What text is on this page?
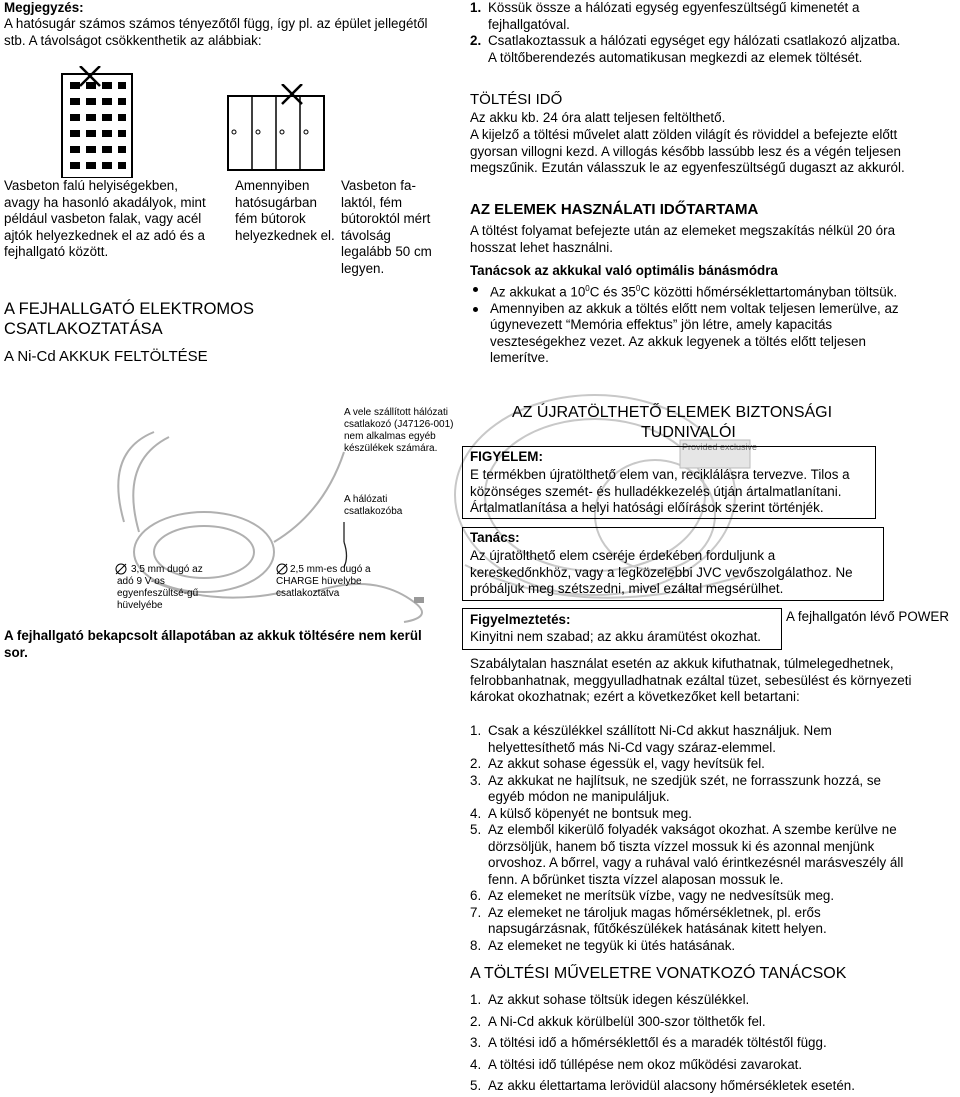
Megjegyzés:
A hatósugár számos számos tényezőtől függ, így pl. az épület jellegétől stb. A távolságot csökkenthetik az alábbiak:
Vasbeton falú helyiségekben, avagy ha hasonló akadályok, mint például vasbeton falak, vagy acél ajtók helyezkednek el az adó és a fejhallgató között.
Amennyiben hatósugárban fém bútorok helyezkednek el.
Vasbeton fa-laktól, fém bútoroktól mért távolság legalább 50 cm legyen.
A FEJHALLGATÓ ELEKTROMOS
CSATLAKOZTATÁSA
A Ni-Cd AKKUK FELTÖLTÉSE
A vele szállított hálózati csatlakozó (J47126-001) nem alkalmas egyéb készülékek számára.
A hálózati csatlakozóba
3,5 mm dugó az adó 9 V-os egyenfeszültsé-gű hüvelyébe
2,5 mm-es dugó a CHARGE hüvelybe csatlakoztatva
A fejhallgató bekapcsolt állapotában az akkuk töltésére nem kerül sor.
1. Kössük össze a hálózati egység egyenfeszültségű kimenetét a fejhallgatóval.
2. Csatlakoztassuk a hálózati egységet egy hálózati csatlakozó aljzatba. A töltőberendezés automatikusan megkezdi az elemek töltését.
TÖLTÉSI IDŐ
Az akku kb. 24 óra alatt teljesen feltölthető.
A kijelző a töltési művelet alatt zölden világít és röviddel a befejezte előtt gyorsan villogni kezd. A villogás később lassúbb lesz és a végén teljesen megszűnik. Ezután válasszuk le az egyenfeszültségű dugaszt az akkuról.
AZ ELEMEK HASZNÁLATI IDŐTARTAMA
A töltést folyamat befejezte után az elemeket megszakítás nélkül 20 óra hosszat lehet használni.
Tanácsok az akkukal való optimális bánásmódra
Az akkukat a $10^0C$ és $35^0C$ közötti hőmérséklettartományban töltsük.
Amennyiben az akkuk a töltés előtt nem voltak teljesen lemerülve, az úgynevezett “Memória effektus” jön létre, amely kapacitás veszteségekhez vezet. Az akkuk legyenek a töltés előtt teljesen lemerítve.
Provided exclusive
AZ ÚJRATÖLTHETŐ ELEMEK BIZTONSÁGI
TUDNIVALÓI
FIGYELEM:
E termékben újratölthető elem van, reciklálásra tervezve. Tilos a közönséges szemét- és hulladékkezelés útján ártalmatlanítani. Ártalmatlanítása a helyi hatósági előírások szerint történjék.
Tanács:
Az újratölthető elem cseréje érdekében forduljunk a kereskedőnkhöz, vagy a legközelebbi JVC vevőszolgálathoz. Ne próbáljuk meg szétszedni, mivel ezáltal megsérülhet.
Figyelmeztetés:	A fejhallgatón lévő POWER
Kinyitni nem szabad; az akku áramütést okozhat.
Szabálytalan használat esetén az akkuk kifuthatnak, túlmelegedhetnek, felrobbanhatnak, meggyulladhatnak ezáltal tüzet, sebesülést és környezeti károkat okozhatnak; ezért a következőket kell betartani:
1. Csak a készülékkel szállított Ni-Cd akkut használjuk. Nem helyettesíthető más Ni-Cd vagy száraz-elemmel.
2. Az akkut sohase égessük el, vagy hevítsük fel.
3. Az akkukat ne hajlítsuk, ne szedjük szét, ne forrasszunk hozzá, se egyéb módon ne manipuláljuk.
4. A külső köpenyét ne bontsuk meg.
5. Az elemből kikerülő folyadék vakságot okozhat. A szembe kerülve ne dörzsöljük, hanem bő tiszta vízzel mossuk ki és azonnal menjünk orvoshoz. A bőrrel, vagy a ruhával való érintkezésnél marásveszély áll fenn. A bőrünket tiszta vízzel alaposan mossuk le.
6. Az elemeket ne merítsük vízbe, vagy ne nedvesítsük meg.
7. Az elemeket ne tároljuk magas hőmérsékletnek, pl. erős napsugárzásnak, fűtőkészülékek hatásának kitett helyen.
8. Az elemeket ne tegyük ki ütés hatásának.
A TÖLTÉSI MŰVELETRE VONATKOZÓ TANÁCSOK
1. Az akkut sohase töltsük idegen készülékkel.
2. A Ni-Cd akkuk körülbelül 300-szor tölthetők fel.
3. A töltési idő a hőmérséklettől és a maradék töltéstől függ.
4. A töltési idő túllépése nem okoz működési zavarokat.
5. Az akku élettartama lerövidül alacsony hőmérsékletek esetén.
